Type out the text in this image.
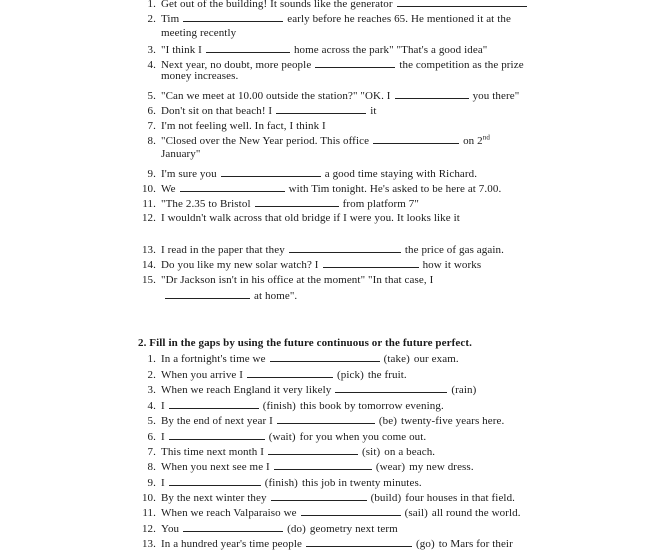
1. Get out of the building! It sounds like the generator
2. Tim	early before he reaches 65. He mentioned it at the
meeting recently
3. "I think I	home across the park" "That's a good idea"
4. Next year, no doubt, more people	the competition as the prize
money increases.
5. "Can we meet at 10.00 outside the station?" "OK. I	you there"
6. Don't sit on that beach! I	it
7. I'm not feeling well. In fact, I think I
8. "Closed over the New Year period. This office	on 2nd
January"
9. I'm sure you	a good time staying with Richard.
10. We	with Tim tonight. He's asked to be here at 7.00.
11. "The 2.35 to Bristol	from platform 7"
12. I wouldn't walk across that old bridge if I were you. It looks like it
13. I read in the paper that they	the price of gas again.
14. Do you like my new solar watch? I	how it works
15. "Dr Jackson isn't in his office at the moment" "In that case, I
at home".
2. Fill in the gaps by using the future continuous or the future perfect.
1. In a fortnight's time we	(take) our exam.
2. When you arrive I	(pick) the fruit.
3. When we reach England it very likely	(rain)
4. I	(finish) this book by tomorrow evening.
5. By the end of next year I	(be) twenty-five years here.
6. I	(wait) for you when you come out.
7. This time next month I	(sit) on a beach.
8. When you next see me I	(wear) my new dress.
9. I	(finish) this job in twenty minutes.
10. By the next winter they	(build) four houses in that field.
11. When we reach Valparaiso we	(sail) all round the world.
12. You	(do) geometry next term
13. In a hundred year's time people	(go) to Mars for their
